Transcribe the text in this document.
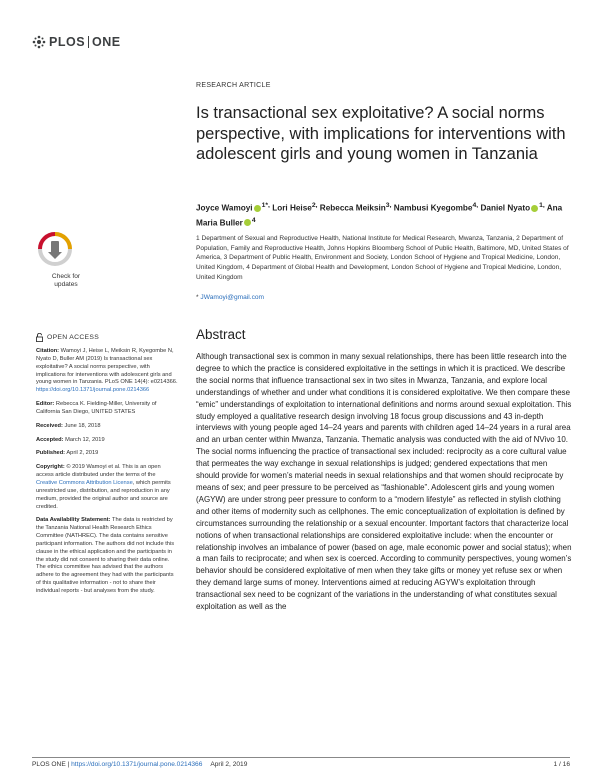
PLOS ONE
RESEARCH ARTICLE
Is transactional sex exploitative? A social norms perspective, with implications for interventions with adolescent girls and young women in Tanzania
Joyce Wamoyi $^{1*,}$ Lori Heise$^{2,}$ Rebecca Meiksin$^{3,}$ Nambusi Kyegombe$^{4,}$ Daniel Nyato $^{1,}$ Ana Maria Buller $^4$
1 Department of Sexual and Reproductive Health, National Institute for Medical Research, Mwanza, Tanzania, 2 Department of Population, Family and Reproductive Health, Johns Hopkins Bloomberg School of Public Health, Baltimore, MD, United States of America, 3 Department of Public Health, Environment and Society, London School of Hygiene and Tropical Medicine, London, United Kingdom, 4 Department of Global Health and Development, London School of Hygiene and Tropical Medicine, London, United Kingdom
* JWamoyi@gmail.com
Check for
updates
OPEN ACCESS

Citation: Wamoyi J, Heise L, Meiksin R, Kyegombe N, Nyato D, Buller AM (2019) Is transactional sex exploitative? A social norms perspective, with implications for interventions with adolescent girls and young women in Tanzania. PLoS ONE 14(4): e0214366. https://doi.org/10.1371/journal.pone.0214366

Editor: Rebecca K. Fielding-Miller, University of California San Diego, UNITED STATES

Received: June 18, 2018

Accepted: March 12, 2019

Published: April 2, 2019

Copyright: © 2019 Wamoyi et al. This is an open access article distributed under the terms of the Creative Commons Attribution License, which permits unrestricted use, distribution, and reproduction in any medium, provided the original author and source are credited.

Data Availability Statement: The data is restricted by the Tanzania National Health Research Ethics Committee (NATHREC). The data contains sensitive participant information. The authors did not include this clause in the ethical application and the participants in the study did not consent to sharing their data online. The ethics committee has advised that the authors adhere to the agreement they had with the participants of this qualitative information - not to share their individual reports - but analyses from the study.

Abstract

Although transactional sex is common in many sexual relationships, there has been little research into the degree to which the practice is considered exploitative in the settings in which it is practiced. We describe the social norms that influence transactional sex in two sites in Mwanza, Tanzania, and explore local understandings of whether and under what conditions it is considered exploitative. We then compare these “emic” understandings of exploitation to international definitions and norms around sexual exploitation. This study employed a qualitative research design involving 18 focus group discussions and 43 in-depth interviews with young people aged 14–24 years and parents with children aged 14–24 years in a rural area and an urban center within Mwanza, Tanzania. Thematic analysis was conducted with the aid of NVivo 10. The social norms influencing the practice of transactional sex included: reciprocity as a core cultural value that permeates the way exchange in sexual relationships is judged; gendered expectations that men should provide for women’s material needs in sexual relationships and that women should reciprocate by means of sex; and peer pressure to be perceived as “fashionable”. Adolescent girls and young women (AGYW) are under strong peer pressure to conform to a “modern lifestyle” as reflected in stylish clothing and other items of modernity such as cellphones. The emic conceptualization of exploitation is defined by circumstances surrounding the relationship or a sexual encounter. Important factors that characterize local notions of when transactional relationships are considered exploitative include: when the encounter or relationship involves an imbalance of power (based on age, male economic power and social status); when a man fails to reciprocate; and when sex is coerced. According to community perspectives, young women’s behavior should be considered exploitative of men when they take gifts or money yet refuse sex or when they demand large sums of money. Interventions aimed at reducing AGYW’s exploitation through transactional sex need to be cognizant of the variations in the understanding of what constitutes sexual exploitation as well as the

PLOS ONE | https://doi.org/10.1371/journal.pone.0214366 April 2, 2019	1 / 16
